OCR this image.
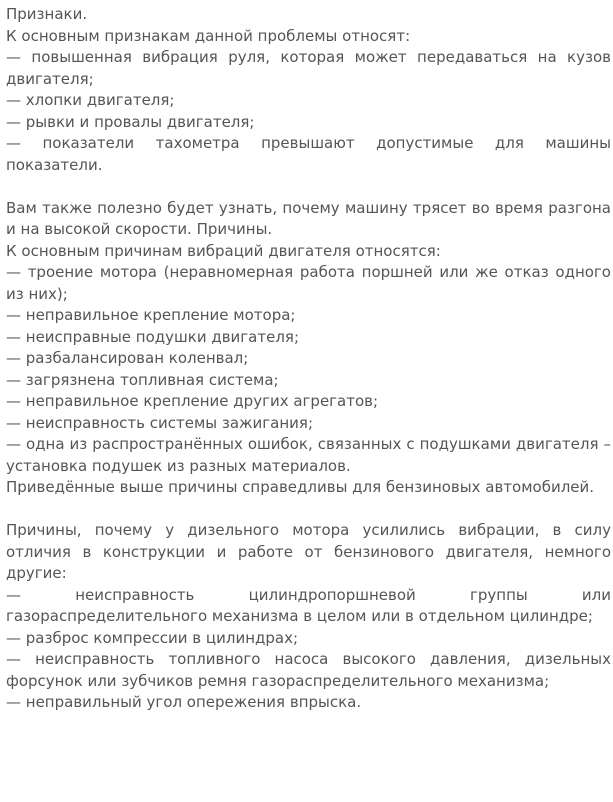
Признаки.

К основным признакам данной проблемы относят:

— повышенная вибрация руля, которая может передаваться на кузов двигателя;

— хлопки двигателя;

— рывки и провалы двигателя;

— показатели тахометра превышают допустимые для машины показатели.

Вам также полезно будет узнать, почему машину трясет во время разгона и на высокой скорости. Причины.

К основным причинам вибраций двигателя относятся:

— троение мотора (неравномерная работа поршней или же отказ одного из них);

— неправильное крепление мотора;

— неисправные подушки двигателя;

— разбалансирован коленвал;

— загрязнена топливная система;

— неправильное крепление других агрегатов;

— неисправность системы зажигания;

— одна из распространённых ошибок, связанных с подушками двигателя – установка подушек из разных материалов.

Приведённые выше причины справедливы для бензиновых автомобилей.

Причины, почему у дизельного мотора усилились вибрации, в силу отличия в конструкции и работе от бензинового двигателя, немного другие:

— неисправность цилиндропоршневой группы или газораспределительного механизма в целом или в отдельном цилиндре;

— разброс компрессии в цилиндрах;

— неисправность топливного насоса высокого давления, дизельных форсунок или зубчиков ремня газораспределительного механизма;

— неправильный угол опережения впрыска.
